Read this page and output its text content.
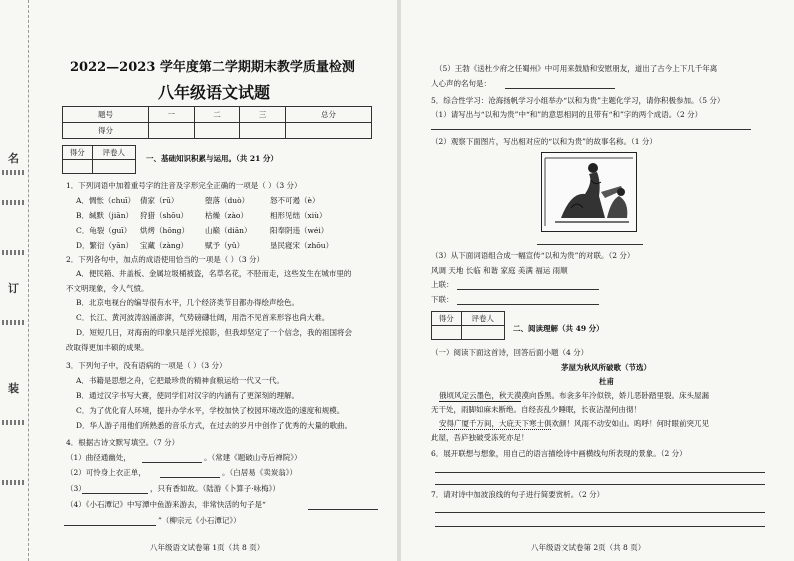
名
订
装
2022—2023 学年度第二学期期末教学质量检测
八年级语文试题
题号	一	二	三	总分
得分				
得分	评卷人

一、基础知识积累与运用。（共 21 分）
1．下列词语中加着重号字的注音及字形完全正确的一项是（ ）（3 分）
2．下列各句中，加点的成语使用恰当的一项是（ ）（3 分）
A．便民箱、井盖板、金属垃圾桶被盗，名草名花，不胫而走，这些发生在城市里的
不文明现象，令人气愤。
B．北京电视台的编导很有水平，几个经济类节目都办得绘声绘色。
C．长江、黄河波涛汹涌澎湃，气势磅礴壮阔，用浩不见首来形容也尚大难。
D．短短几日，对海南的印象只是浮光掠影，但我却坚定了一个信念，我的祖国将会
改取得更加丰硕的成果。
3．下列句子中，没有语病的一项是（ ）（3 分）
A．书籍是思想之舟，它把最珍贵的精神食粮运给一代又一代。
B．通过汉字书写大赛，使同学们对汉字的内涵有了更深刻的理解。
C．为了优化育人环境，提升办学水平，学校加快了校园环境改造的速度和规模。
D．华人游子用他们所熟悉的音乐方式，在过去的岁月中创作了优秀的大量的歌曲。
4．根据古诗文默写填空。（7 分）
（1）曲径通幽处，	。（常建《题破山寺后禅院》）
（2）可怜身上衣正单，	。（白居易《卖炭翁》）
（3）	，只有香如故。（陆游《卜算子·咏梅》）
（4）《小石潭记》中写潭中鱼游来游去，非常快活的句子是“
”（柳宗元《小石潭记》）
八年级语文试卷第 1页（共 8 页）
A．惆怅（chuī） 倩家（rū）	堕落（duò）	怒不可遏（è）
B．缄默（jiān） 狩猎（shōu） 枯燥（zào）	相形见绌（xiù）
C．龟裂（guī） 烘烤（hōng） 山巅（diān） 阳奉阴违（wéi）
D．繁衍（yān） 宝藏（zàng） 赋予（yǔ）	垦民寝宋（zhōu）
（5）王勃《送杜少府之任蜀州》中可用来鼓励和安慰朋友，道出了古今上下几千年离
人心声的名句是：
5．综合性学习：沧海扬帆学习小组举办“以和为贵”主题化学习，请你积极参加。（5 分）
（1）请写出与“以和为贵”中“和”的意思相同的且带有“和”字的两个成语。（2 分）
（2）观察下面图片，写出相对应的“以和为贵”的故事名称。（1 分）
（3）从下面词语组合成一幅宣传“以和为贵”的对联。（2 分）
风调 天地 长临 和谐 家庭 美满 福运 雨顺
上联：
下联：
得分	评卷人

二、阅读理解（共 49 分）
（一）阅读下面这首诗，回答后面小题（4 分）
茅屋为秋风所破歌（节选）
杜甫
俄顷风定云墨色，秋天漠漠向昏黑。布衾多年冷似铁，娇儿恶卧踏里裂。床头屋漏
无干处，雨脚如麻未断绝。自经丧乱少睡眠，长夜沾湿何由彻！
安得广厦千万间，大庇天下寒士俱欢颜！风雨不动安如山。呜呼！何时眼前突兀见
此屋，吾庐独破受冻死亦足！
6．展开联想与想象，用自己的语言描绘诗中画横线句所表现的景象。（2 分）
7．请对诗中加波浪线的句子进行简要赏析。（2 分）
八年级语文试卷第 2页（共 8 页）
